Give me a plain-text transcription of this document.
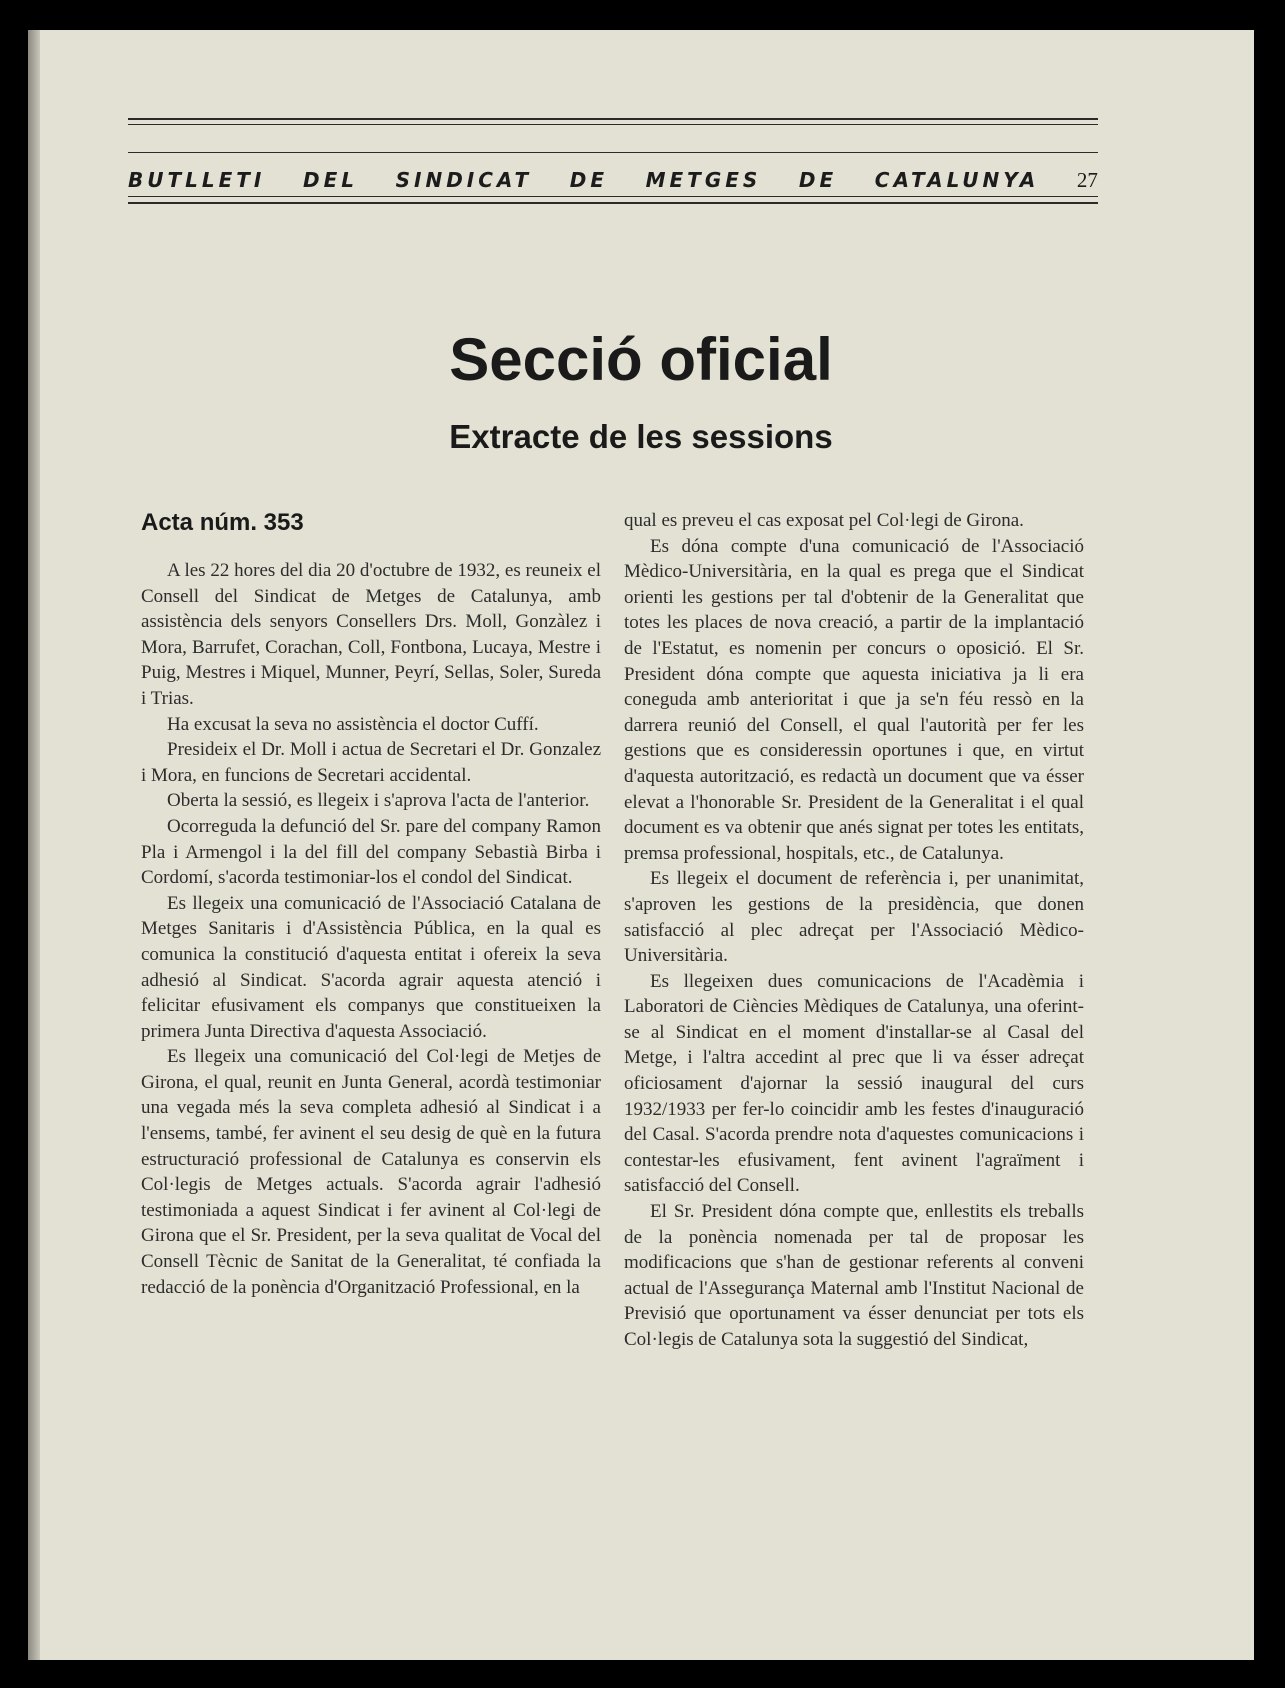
BUTLLETI DEL SINDICAT DE METGES DE CATALUNYA 27
Secció oficial
Extracte de les sessions
Acta núm. 353

A les 22 hores del dia 20 d'octubre de 1932, es reuneix el Consell del Sindicat de Metges de Catalunya, amb assistència dels senyors Consellers Drs. Moll, Gonzàlez i Mora, Barrufet, Corachan, Coll, Fontbona, Lucaya, Mestre i Puig, Mestres i Miquel, Munner, Peyrí, Sellas, Soler, Sureda i Trias.

Ha excusat la seva no assistència el doctor Cuffí.

Presideix el Dr. Moll i actua de Secretari el Dr. Gonzalez i Mora, en funcions de Secretari accidental.

Oberta la sessió, es llegeix i s'aprova l'acta de l'anterior.

Ocorreguda la defunció del Sr. pare del company Ramon Pla i Armengol i la del fill del company Sebastià Birba i Cordomí, s'acorda testimoniar-los el condol del Sindicat.

Es llegeix una comunicació de l'Associació Catalana de Metges Sanitaris i d'Assistència Pública, en la qual es comunica la constitució d'aquesta entitat i ofereix la seva adhesió al Sindicat. S'acorda agrair aquesta atenció i felicitar efusivament els companys que constitueixen la primera Junta Directiva d'aquesta Associació.

Es llegeix una comunicació del Col·legi de Metjes de Girona, el qual, reunit en Junta General, acordà testimoniar una vegada més la seva completa adhesió al Sindicat i a l'ensems, també, fer avinent el seu desig de què en la futura estructuració professional de Catalunya es conservin els Col·legis de Metges actuals. S'acorda agrair l'adhesió testimoniada a aquest Sindicat i fer avinent al Col·legi de Girona que el Sr. President, per la seva qualitat de Vocal del Consell Tècnic de Sanitat de la Generalitat, té confiada la redacció de la ponència d'Organització Professional, en la

qual es preveu el cas exposat pel Col·legi de Girona.

Es dóna compte d'una comunicació de l'Associació Mèdico-Universitària, en la qual es prega que el Sindicat orienti les gestions per tal d'obtenir de la Generalitat que totes les places de nova creació, a partir de la implantació de l'Estatut, es nomenin per concurs o oposició. El Sr. President dóna compte que aquesta iniciativa ja li era coneguda amb anterioritat i que ja se'n féu ressò en la darrera reunió del Consell, el qual l'autorità per fer les gestions que es consideressin oportunes i que, en virtut d'aquesta autorització, es redactà un document que va ésser elevat a l'honorable Sr. President de la Generalitat i el qual document es va obtenir que anés signat per totes les entitats, premsa professional, hospitals, etc., de Catalunya.

Es llegeix el document de referència i, per unanimitat, s'aproven les gestions de la presidència, que donen satisfacció al plec adreçat per l'Associació Mèdico-Universitària.

Es llegeixen dues comunicacions de l'Acadèmia i Laboratori de Ciències Mèdiques de Catalunya, una oferint-se al Sindicat en el moment d'installar-se al Casal del Metge, i l'altra accedint al prec que li va ésser adreçat oficiosament d'ajornar la sessió inaugural del curs 1932/1933 per fer-lo coincidir amb les festes d'inauguració del Casal. S'acorda prendre nota d'aquestes comunicacions i contestar-les efusivament, fent avinent l'agraïment i satisfacció del Consell.

El Sr. President dóna compte que, enllestits els treballs de la ponència nomenada per tal de proposar les modificacions que s'han de gestionar referents al conveni actual de l'Assegurança Maternal amb l'Institut Nacional de Previsió que oportunament va ésser denunciat per tots els Col·legis de Catalunya sota la suggestió del Sindicat,
